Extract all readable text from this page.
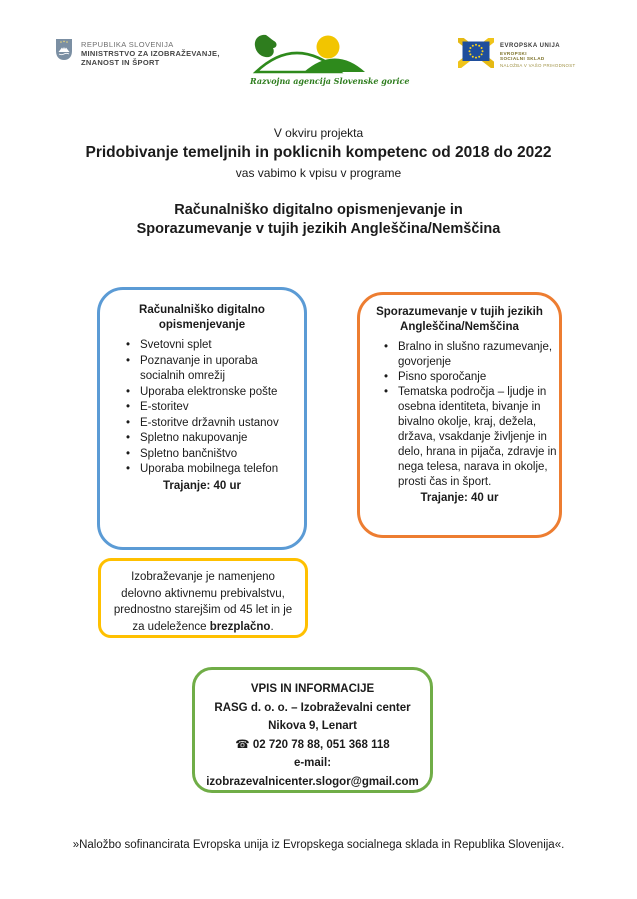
REPUBLIKA SLOVENIJA
MINISTRSTVO ZA IZOBRAŽEVANJE,
ZNANOST IN ŠPORT
Razvojna agencija Slovenske gorice
EVROPSKA UNIJA
EVROPSKI
SOCIALNI SKLAD
NALOŽBA V VAŠO PRIHODNOST
V okviru projekta
Pridobivanje temeljnih in poklicnih kompetenc od 2018 do 2022
vas vabimo k vpisu v programe
Računalniško digitalno opismenjevanje in
Sporazumevanje v tujih jezikih Angleščina/Nemščina
Računalniško digitalno
opismenjevanje
• Svetovni splet
• Poznavanje in uporaba socialnih omrežij
• Uporaba elektronske pošte
• E-storitev
• E-storitve državnih ustanov
• Spletno nakupovanje
• Spletno bančništvo
• Uporaba mobilnega telefon
Trajanje: 40 ur
Sporazumevanje v tujih jezikih
Angleščina/Nemščina
• Bralno in slušno razumevanje, govorjenje
• Pisno sporočanje
• Tematska področja – ljudje in osebna identiteta, bivanje in bivalno okolje, kraj, dežela, država, vsakdanje življenje in delo, hrana in pijača, zdravje in nega telesa, narava in okolje, prosti čas in šport.
Trajanje: 40 ur
Izobraževanje je namenjeno delovno aktivnemu prebivalstvu, prednostno starejšim od 45 let in je za udeležence brezplačno.
VPIS IN INFORMACIJE
RASG d. o. o. – Izobraževalni center
Nikova 9, Lenart
☎ 02 720 78 88, 051 368 118
e-mail:
izobrazevalnicenter.slogor@gmail.com
»Naložbo sofinancirata Evropska unija iz Evropskega socialnega sklada in Republika Slovenija«.
